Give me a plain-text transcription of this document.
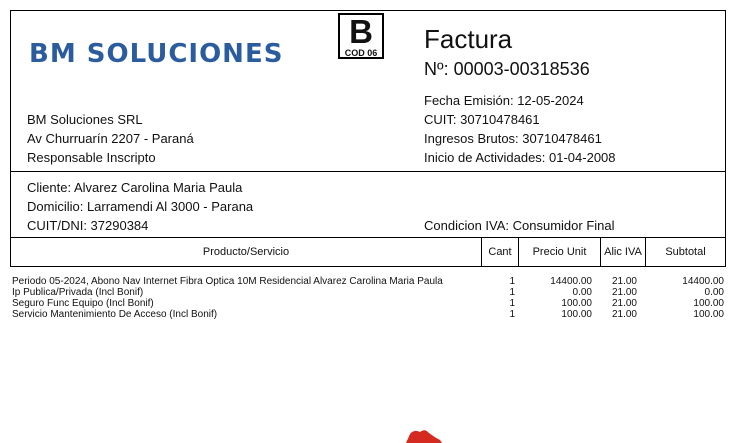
BM SOLUCIONES
B
COD 06 Factura
Nº: 00003-00318536
Fecha Emisión: 12-05-2024
CUIT: 30710478461
Ingresos Brutos: 30710478461
Inicio de Actividades: 01-04-2008
BM Soluciones SRL
Av Churruarín 2207 - Paraná
Responsable Inscripto
Cliente: Alvarez Carolina Maria Paula
Domicilio: Larramendi Al 3000 - Parana
CUIT/DNI: 37290384	Condicion IVA: Consumidor Final
Producto/Servicio	Cant	Precio Unit	Alic IVA	Subtotal
Periodo 05-2024, Abono Nav Internet Fibra Optica 10M Residencial Alvarez Carolina Maria Paula	1	14400.00	21.00	14400.00
Ip Publica/Privada (Incl Bonif)	1	0.00	21.00	0.00
Seguro Func Equipo (Incl Bonif)	1	100.00	21.00	100.00
Servicio Mantenimiento De Acceso (Incl Bonif)	1	100.00	21.00	100.00
